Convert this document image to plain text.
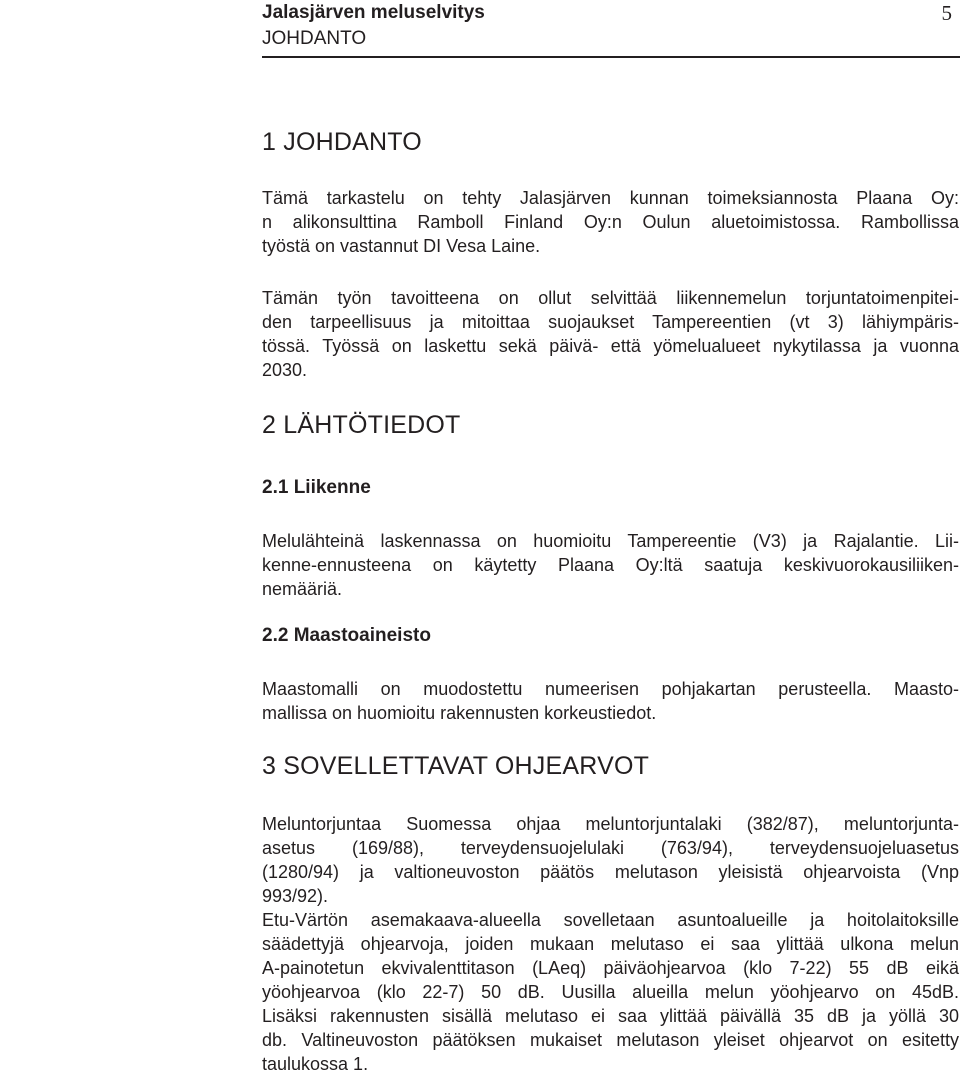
Jalasjärven meluselvitys
JOHDANTO
5
1 JOHDANTO

Tämä tarkastelu on tehty Jalasjärven kunnan toimeksiannosta Plaana Oy:
n alikonsulttina Ramboll Finland Oy:n Oulun aluetoimistossa. Rambollissa
työstä on vastannut DI Vesa Laine.

Tämän työn tavoitteena on ollut selvittää liikennemelun torjuntatoimenpitei-
den tarpeellisuus ja mitoittaa suojaukset Tampereentien (vt 3) lähiympäris-
tössä. Työssä on laskettu sekä päivä- että yömelualueet nykytilassa ja vuonna
2030.

2 LÄHTÖTIEDOT
2.1 Liikenne

Melulähteinä laskennassa on huomioitu Tampereentie (V3) ja Rajalantie. Lii-
kenne-ennusteena on käytetty Plaana Oy:ltä saatuja keskivuorokausiliiken-
nemääriä.

2.2 Maastoaineisto

Maastomalli on muodostettu numeerisen pohjakartan perusteella. Maasto-
mallissa on huomioitu rakennusten korkeustiedot.

3 SOVELLETTAVAT OHJEARVOT

Meluntorjuntaa Suomessa ohjaa meluntorjuntalaki (382/87), meluntorjunta-
asetus (169/88), terveydensuojelulaki (763/94), terveydensuojeluasetus
(1280/94) ja valtioneuvoston päätös melutason yleisistä ohjearvoista (Vnp
993/92).

Etu-Värtön asemakaava-alueella sovelletaan asuntoalueille ja hoitolaitoksille
säädettyjä ohjearvoja, joiden mukaan melutaso ei saa ylittää ulkona melun
A-painotetun ekvivalenttitason (LAeq) päiväohjearvoa (klo 7-22) 55 dB eikä
yöohjearvoa (klo 22-7) 50 dB. Uusilla alueilla melun yöohjearvo on 45dB.
Lisäksi rakennusten sisällä melutaso ei saa ylittää päivällä 35 dB ja yöllä 30
db. Valtineuvoston päätöksen mukaiset melutason yleiset ohjearvot on esitetty
taulukossa 1.
